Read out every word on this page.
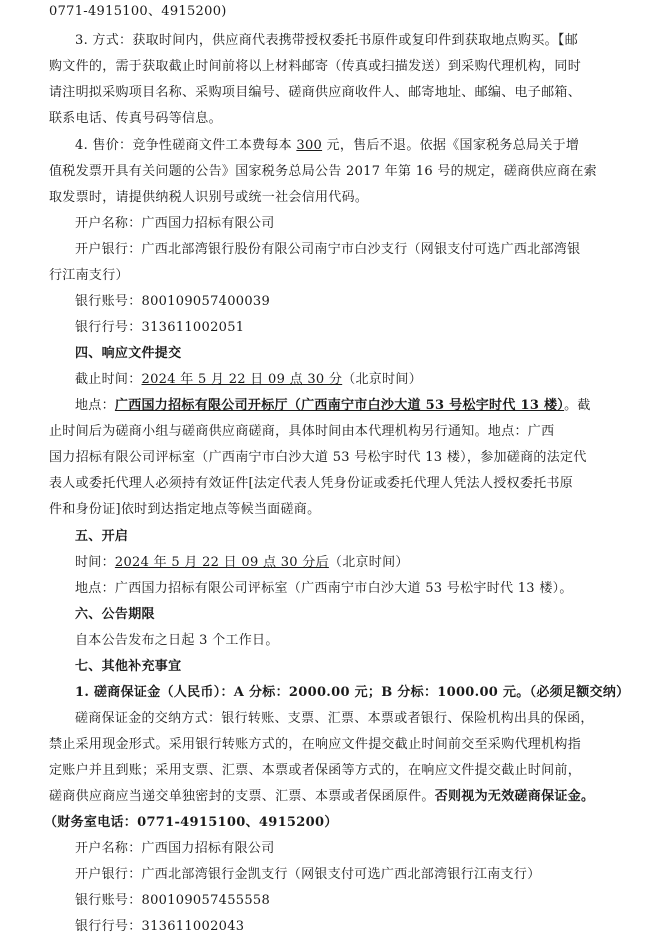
0771-4915100、4915200)
3. 方式：获取时间内，供应商代表携带授权委托书原件或复印件到获取地点购买。【邮
购文件的，需于获取截止时间前将以上材料邮寄（传真或扫描发送）到采购代理机构，同时
请注明拟采购项目名称、采购项目编号、磋商供应商收件人、邮寄地址、邮编、电子邮箱、
联系电话、传真号码等信息。
4. 售价：竞争性磋商文件工本费每本 300 元，售后不退。依据《国家税务总局关于增
值税发票开具有关问题的公告》国家税务总局公告 2017 年第 16 号的规定，磋商供应商在索
取发票时，请提供纳税人识别号或统一社会信用代码。
开户名称：广西国力招标有限公司
开户银行：广西北部湾银行股份有限公司南宁市白沙支行（网银支付可选广西北部湾银
行江南支行）
银行账号：800109057400039
银行行号：313611002051
四、响应文件提交
截止时间：2024 年 5 月 22 日 09 点 30 分（北京时间）
地点：广西国力招标有限公司开标厅（广西南宁市白沙大道 53 号松宇时代 13 楼）。截
止时间后为磋商小组与磋商供应商磋商，具体时间由本代理机构另行通知。地点：广西
国力招标有限公司评标室（广西南宁市白沙大道 53 号松宇时代 13 楼），参加磋商的法定代
表人或委托代理人必须持有效证件[法定代表人凭身份证或委托代理人凭法人授权委托书原
件和身份证]依时到达指定地点等候当面磋商。
五、开启
时间：2024 年 5 月 22 日 09 点 30 分后（北京时间）
地点：广西国力招标有限公司评标室（广西南宁市白沙大道 53 号松宇时代 13 楼）。
六、公告期限
自本公告发布之日起 3 个工作日。
七、其他补充事宜
1. 磋商保证金（人民币）：A 分标：2000.00 元；B 分标：1000.00 元。（必须足额交纳）
磋商保证金的交纳方式：银行转账、支票、汇票、本票或者银行、保险机构出具的保函，
禁止采用现金形式。采用银行转账方式的，在响应文件提交截止时间前交至采购代理机构指
定账户并且到账；采用支票、汇票、本票或者保函等方式的，在响应文件提交截止时间前，
磋商供应商应当递交单独密封的支票、汇票、本票或者保函原件。否则视为无效磋商保证金。
（财务室电话：0771-4915100、4915200）
开户名称：广西国力招标有限公司
开户银行：广西北部湾银行金凯支行（网银支付可选广西北部湾银行江南支行）
银行账号：800109057455558
银行行号：313611002043
